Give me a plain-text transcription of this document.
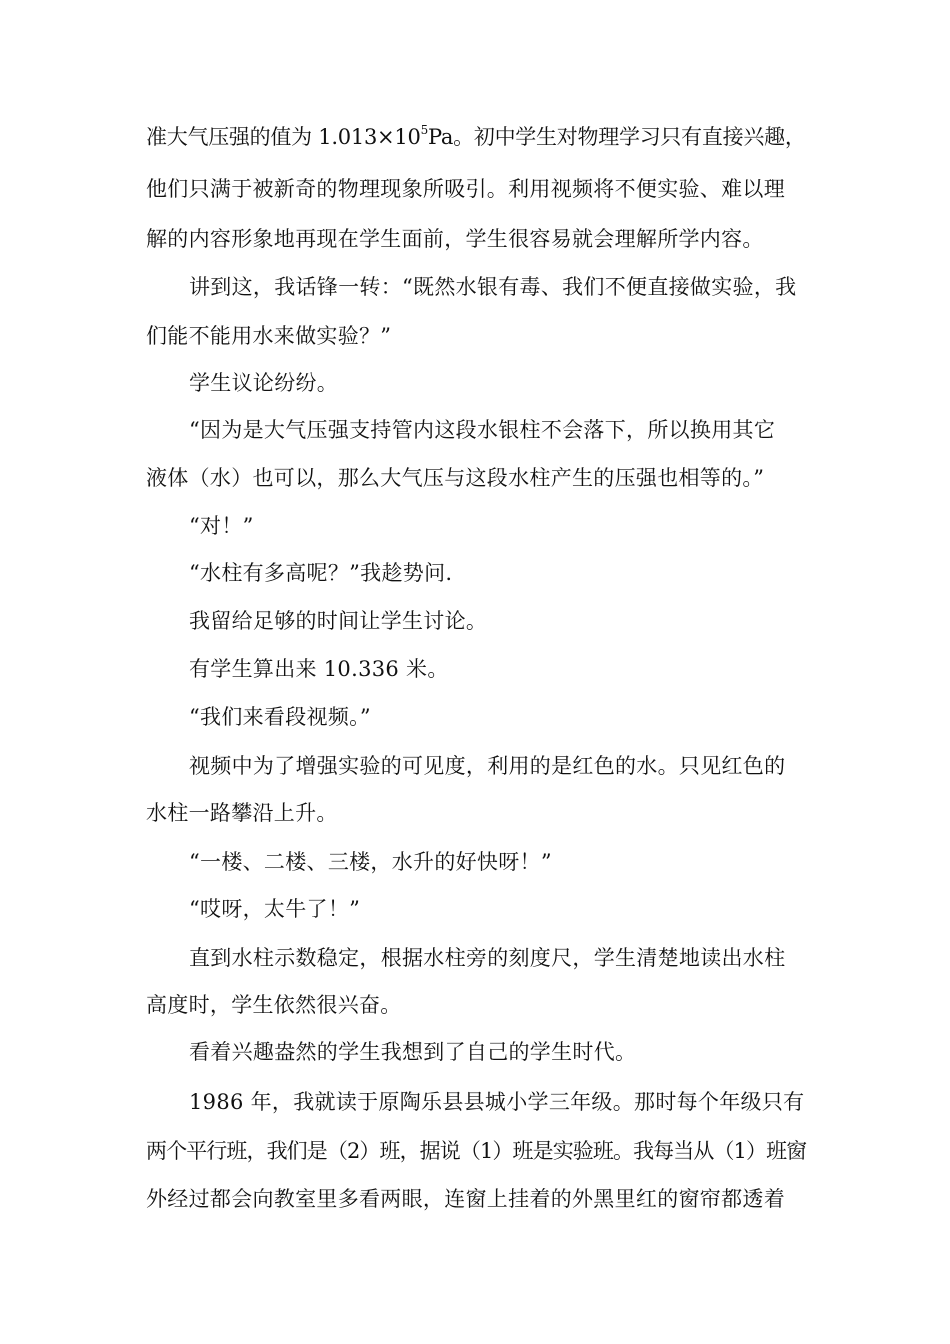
准大气压强的值为 $1.013\times 10^5Pa$。初中学生对物理学习只有直接兴趣，
他们只满于被新奇的物理现象所吸引。利用视频将不便实验、难以理
解的内容形象地再现在学生面前，学生很容易就会理解所学内容。
讲到这，我话锋一转：“既然水银有毒、我们不便直接做实验，我
们能不能用水来做实验？”
学生议论纷纷。
“因为是大气压强支持管内这段水银柱不会落下，所以换用其它
液体（水）也可以，那么大气压与这段水柱产生的压强也相等的。”
“对！”
“水柱有多高呢？”我趁势问.
我留给足够的时间让学生讨论。
有学生算出来 10.336 米。
“我们来看段视频。”
视频中为了增强实验的可见度，利用的是红色的水。只见红色的
水柱一路攀沿上升。
“一楼、二楼、三楼，水升的好快呀！”
“哎呀，太牛了！”
直到水柱示数稳定，根据水柱旁的刻度尺，学生清楚地读出水柱
高度时，学生依然很兴奋。
看着兴趣盎然的学生我想到了自己的学生时代。
1986 年，我就读于原陶乐县县城小学三年级。那时每个年级只有
两个平行班，我们是（2）班，据说（1）班是实验班。我每当从（1）班窗
外经过都会向教室里多看两眼，连窗上挂着的外黑里红的窗帘都透着
